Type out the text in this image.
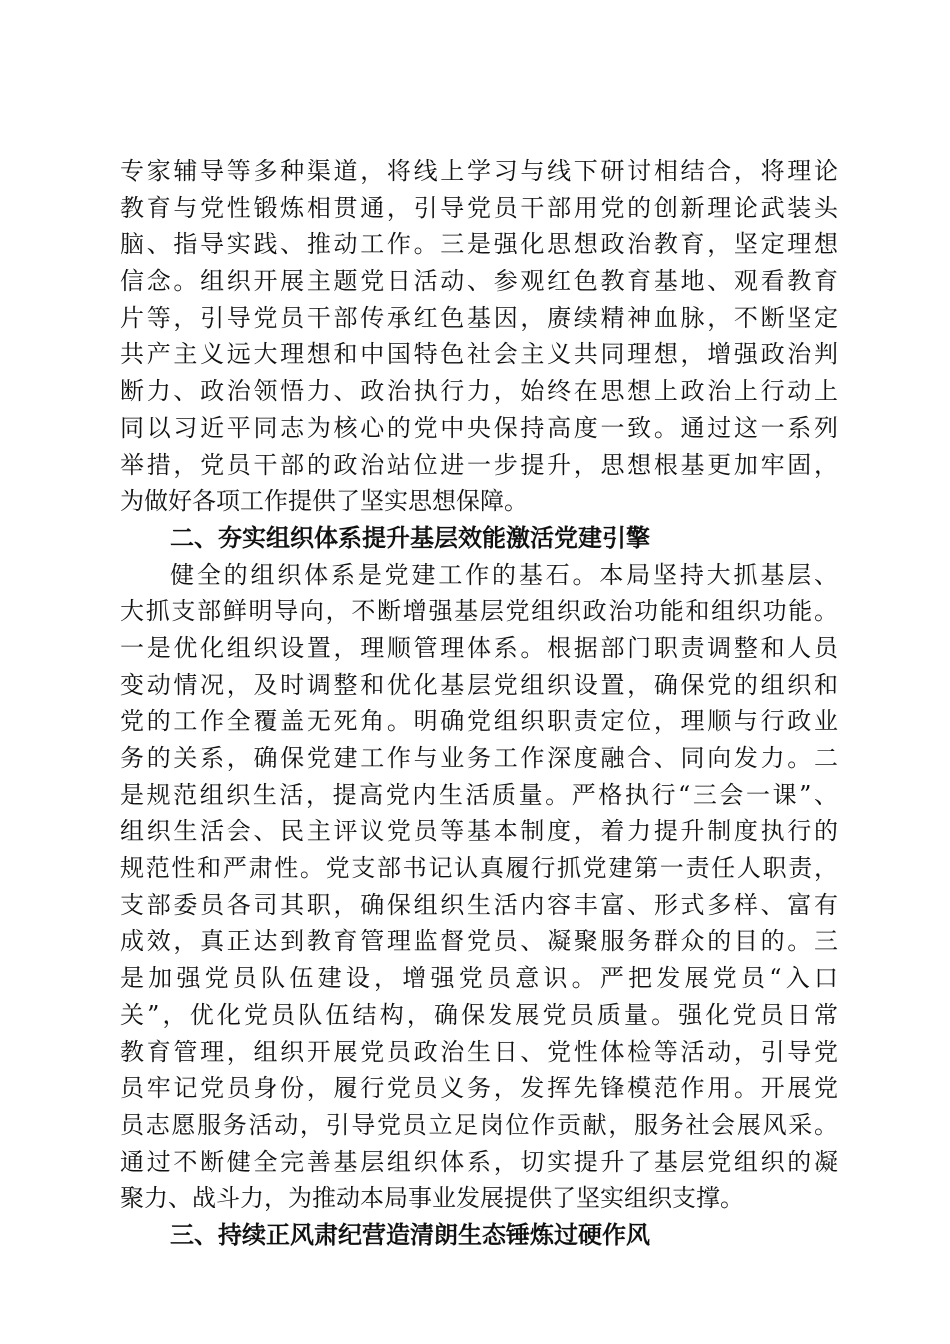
专家辅导等多种渠道，将线上学习与线下研讨相结合，将理论
教育与党性锻炼相贯通，引导党员干部用党的创新理论武装头
脑、指导实践、推动工作。三是强化思想政治教育，坚定理想
信念。组织开展主题党日活动、参观红色教育基地、观看教育
片等，引导党员干部传承红色基因，赓续精神血脉，不断坚定
共产主义远大理想和中国特色社会主义共同理想，增强政治判
断力、政治领悟力、政治执行力，始终在思想上政治上行动上
同以习近平同志为核心的党中央保持高度一致。通过这一系列
举措，党员干部的政治站位进一步提升，思想根基更加牢固，
为做好各项工作提供了坚实思想保障。
二、夯实组织体系提升基层效能激活党建引擎
健全的组织体系是党建工作的基石。本局坚持大抓基层、
大抓支部鲜明导向，不断增强基层党组织政治功能和组织功能。
一是优化组织设置，理顺管理体系。根据部门职责调整和人员
变动情况，及时调整和优化基层党组织设置，确保党的组织和
党的工作全覆盖无死角。明确党组织职责定位，理顺与行政业
务的关系，确保党建工作与业务工作深度融合、同向发力。二
是规范组织生活，提高党内生活质量。严格执行“三会一课”、
组织生活会、民主评议党员等基本制度，着力提升制度执行的
规范性和严肃性。党支部书记认真履行抓党建第一责任人职责，
支部委员各司其职，确保组织生活内容丰富、形式多样、富有
成效，真正达到教育管理监督党员、凝聚服务群众的目的。三
是加强党员队伍建设，增强党员意识。严把发展党员“入口
关”，优化党员队伍结构，确保发展党员质量。强化党员日常
教育管理，组织开展党员政治生日、党性体检等活动，引导党
员牢记党员身份，履行党员义务，发挥先锋模范作用。开展党
员志愿服务活动，引导党员立足岗位作贡献，服务社会展风采。
通过不断健全完善基层组织体系，切实提升了基层党组织的凝
聚力、战斗力，为推动本局事业发展提供了坚实组织支撑。
三、持续正风肃纪营造清朗生态锤炼过硬作风
